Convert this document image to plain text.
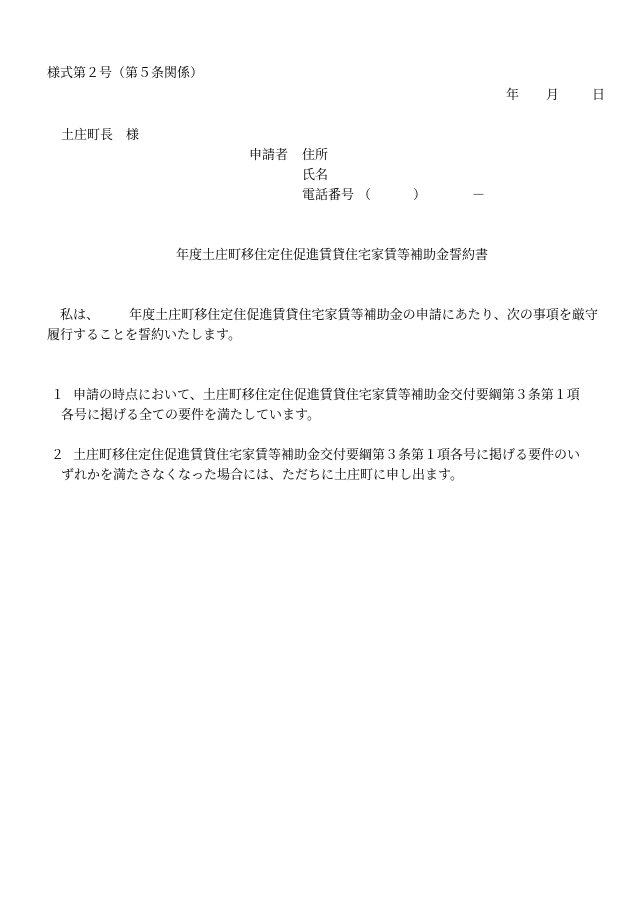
様式第２号（第５条関係）
年 月	日
土庄町長　様
申請者 住所
氏名
電話番号 （	）	－
年度土庄町移住定住促進賃貸住宅家賃等補助金誓約書
私は、 年度土庄町移住定住促進賃貸住宅家賃等補助金の申請にあたり、次の事項を厳守履行することを誓約いたします。
１ 申請の時点において、土庄町移住定住促進賃貸住宅家賃等補助金交付要綱第３条第１項
各号に掲げる全ての要件を満たしています。
２ 土庄町移住定住促進賃貸住宅家賃等補助金交付要綱第３条第１項各号に掲げる要件のい
ずれかを満たさなくなった場合には、ただちに土庄町に申し出ます。
